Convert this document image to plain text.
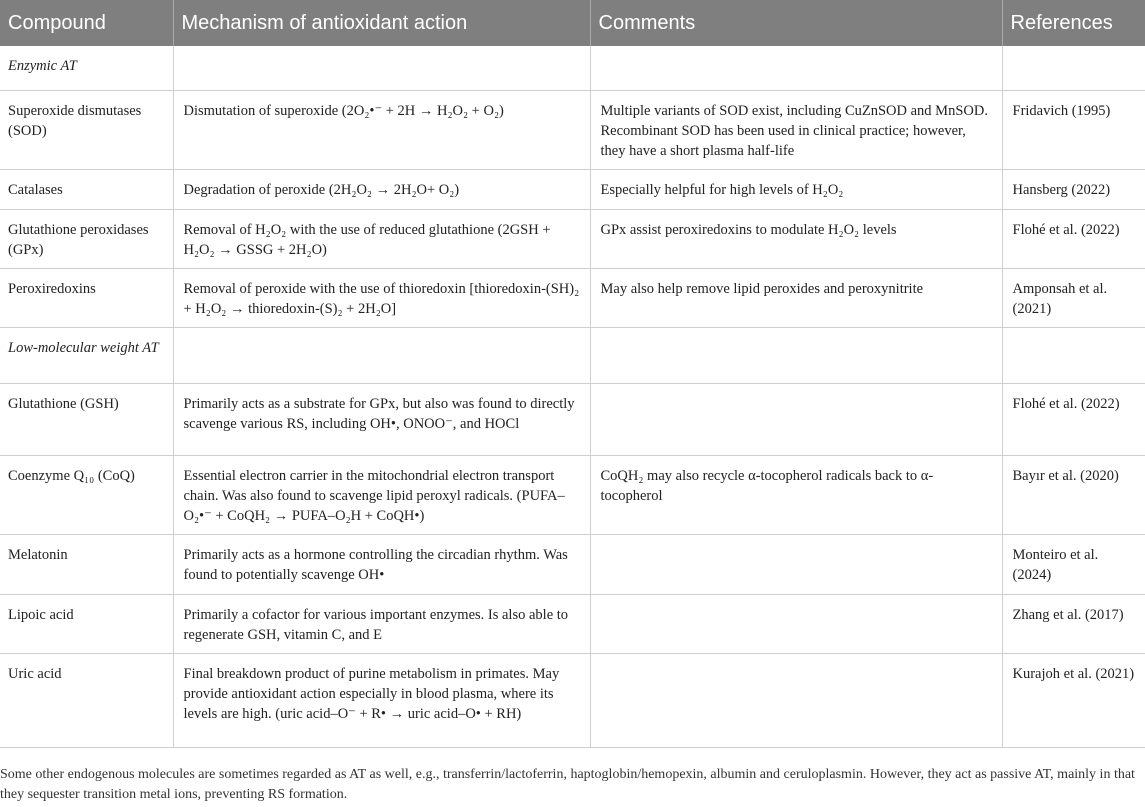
Compound	Mechanism of antioxidant action	Comments	References
Enzymic AT			
Superoxide dismutases (SOD)	Dismutation of superoxide (2O₂•⁻ + 2H → H₂O₂ + O₂)	Multiple variants of SOD exist, including CuZnSOD and MnSOD. Recombinant SOD has been used in clinical practice; however, they have a short plasma half-life	Fridavich (1995)
Catalases	Degradation of peroxide (2H₂O₂ → 2H₂O+ O₂)	Especially helpful for high levels of H₂O₂	Hansberg (2022)
Glutathione peroxidases (GPx)	Removal of H₂O₂ with the use of reduced glutathione (2GSH + H₂O₂ → GSSG + 2H₂O)	GPx assist peroxiredoxins to modulate H₂O₂ levels	Flohé et al. (2022)
Peroxiredoxins	Removal of peroxide with the use of thioredoxin [thioredoxin-(SH)₂ + H₂O₂ → thioredoxin-(S)₂ + 2H₂O]	May also help remove lipid peroxides and peroxynitrite	Amponsah et al. (2021)
Low-molecular weight AT			
Glutathione (GSH)	Primarily acts as a substrate for GPx, but also was found to directly scavenge various RS, including OH•, ONOO⁻, and HOCl		Flohé et al. (2022)
Coenzyme Q₁₀ (CoQ)	Essential electron carrier in the mitochondrial electron transport chain. Was also found to scavenge lipid peroxyl radicals. (PUFA–O₂•⁻ + CoQH₂ → PUFA–O₂H + CoQH•)	CoQH₂ may also recycle α-tocopherol radicals back to α-tocopherol	Bayır et al. (2020)
Melatonin	Primarily acts as a hormone controlling the circadian rhythm. Was found to potentially scavenge OH•		Monteiro et al. (2024)
Lipoic acid	Primarily a cofactor for various important enzymes. Is also able to regenerate GSH, vitamin C, and E		Zhang et al. (2017)
Uric acid	Final breakdown product of purine metabolism in primates. May provide antioxidant action especially in blood plasma, where its levels are high. (uric acid–O⁻ + R• → uric acid–O• + RH)		Kurajoh et al. (2021)
Some other endogenous molecules are sometimes regarded as AT as well, e.g., transferrin/lactoferrin, haptoglobin/hemopexin, albumin and ceruloplasmin. However, they act as passive AT, mainly in that they sequester transition metal ions, preventing RS formation.
